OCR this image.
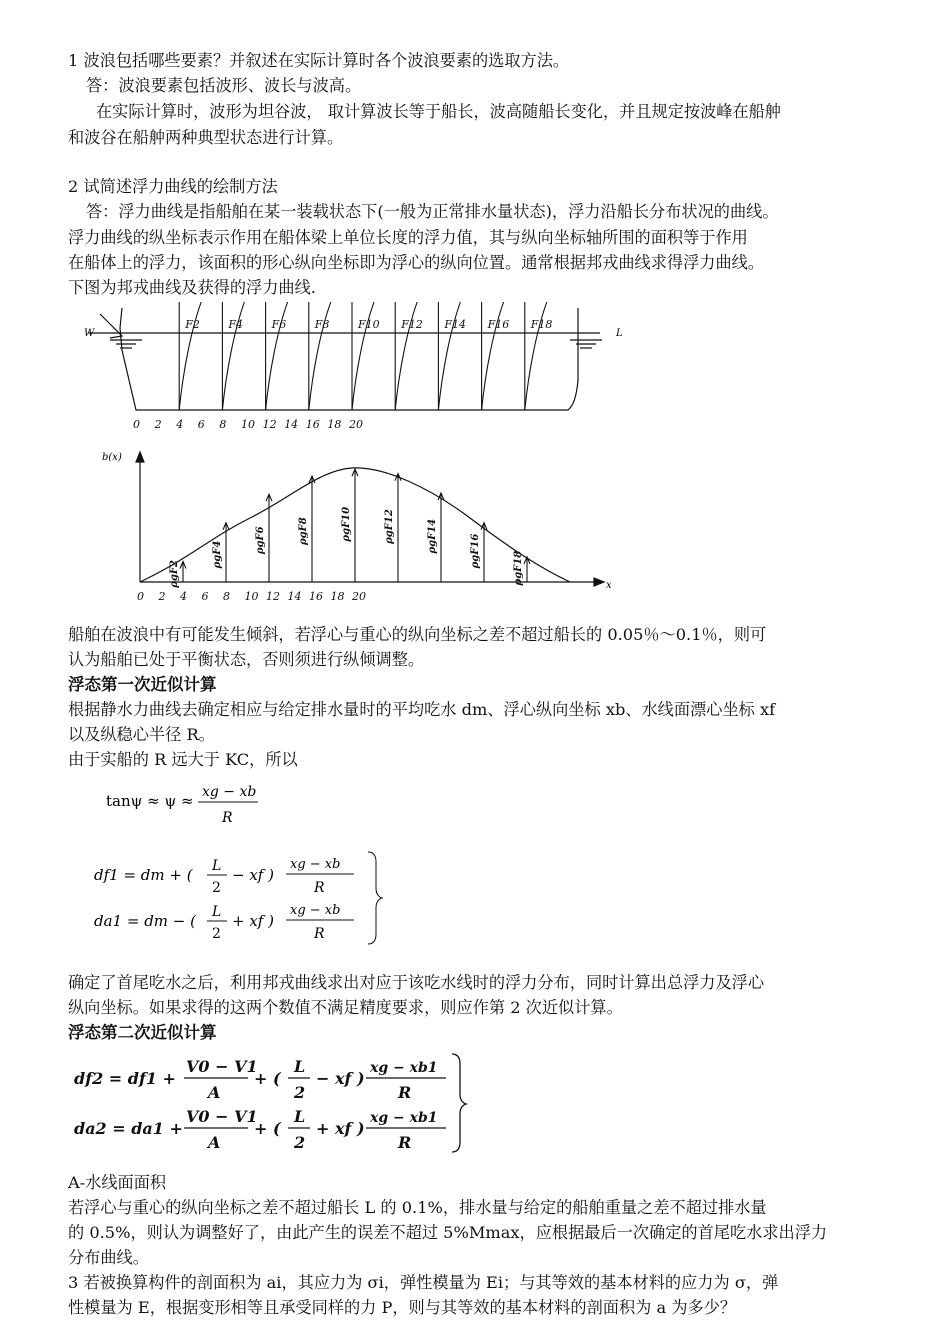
1 波浪包括哪些要素？并叙述在实际计算时各个波浪要素的选取方法。
答：波浪要素包括波形、波长与波高。
在实际计算时，波形为坦谷波， 取计算波长等于船长，波高随船长变化，并且规定按波峰在船舯
和波谷在船舯两种典型状态进行计算。
2 试简述浮力曲线的绘制方法
答：浮力曲线是指船舶在某一装载状态下(一般为正常排水量状态)，浮力沿船长分布状况的曲线。
浮力曲线的纵坐标表示作用在船体梁上单位长度的浮力值，其与纵向坐标轴所围的面积等于作用
在船体上的浮力，该面积的形心纵向坐标即为浮心的纵向位置。通常根据邦戎曲线求得浮力曲线。
下图为邦戎曲线及获得的浮力曲线.
F2	F4	F6	F8	F10 F12 F14 F16 F18
W	L
0 2 4 6 8 10 12 14 16 18 20
b(x)
x
ρgF2
ρgF4
ρgF6	ρgF8	ρgF10	ρgF12	ρgF14	ρgF16	ρgF18
0 2 4 6 8 10 12 14 16 18 20
船舶在波浪中有可能发生倾斜，若浮心与重心的纵向坐标之差不超过船长的 0.05％～0.1％，则可
认为船舶已处于平衡状态，否则须进行纵倾调整。
浮态第一次近似计算
根据静水力曲线去确定相应与给定排水量时的平均吃水 dm、浮心纵向坐标 xb、水线面漂心坐标 xf
以及纵稳心半径 R。
由于实船的 R 远大于 KC，所以
tanψ ≈ ψ ≈ xg − xb
R
df1 = dm + ( L
2
− xf )
xg − xb
R
da1 = dm − ( L
2
+ xf )
xg − xb
R
确定了首尾吃水之后，利用邦戎曲线求出对应于该吃水线时的浮力分布，同时计算出总浮力及浮心
纵向坐标。如果求得的这两个数值不满足精度要求，则应作第 2 次近似计算。
浮态第二次近似计算
df2 = df1 +
V0 − V1
A
+ (
L
2
− xf )
xg − xb1
R
da2 = da1 +
V0 − V1
A
+ (
L
2
+ xf )
xg − xb1
R
A-水线面面积
若浮心与重心的纵向坐标之差不超过船长 L 的 0.1%，排水量与给定的船舶重量之差不超过排水量
的 0.5%，则认为调整好了，由此产生的误差不超过 5%Mmax，应根据最后一次确定的首尾吃水求出浮力
分布曲线。
3 若被换算构件的剖面积为 ai，其应力为 σi，弹性模量为 Ei；与其等效的基本材料的应力为 σ，弹
性模量为 E，根据变形相等且承受同样的力 P，则与其等效的基本材料的剖面积为 a 为多少？
